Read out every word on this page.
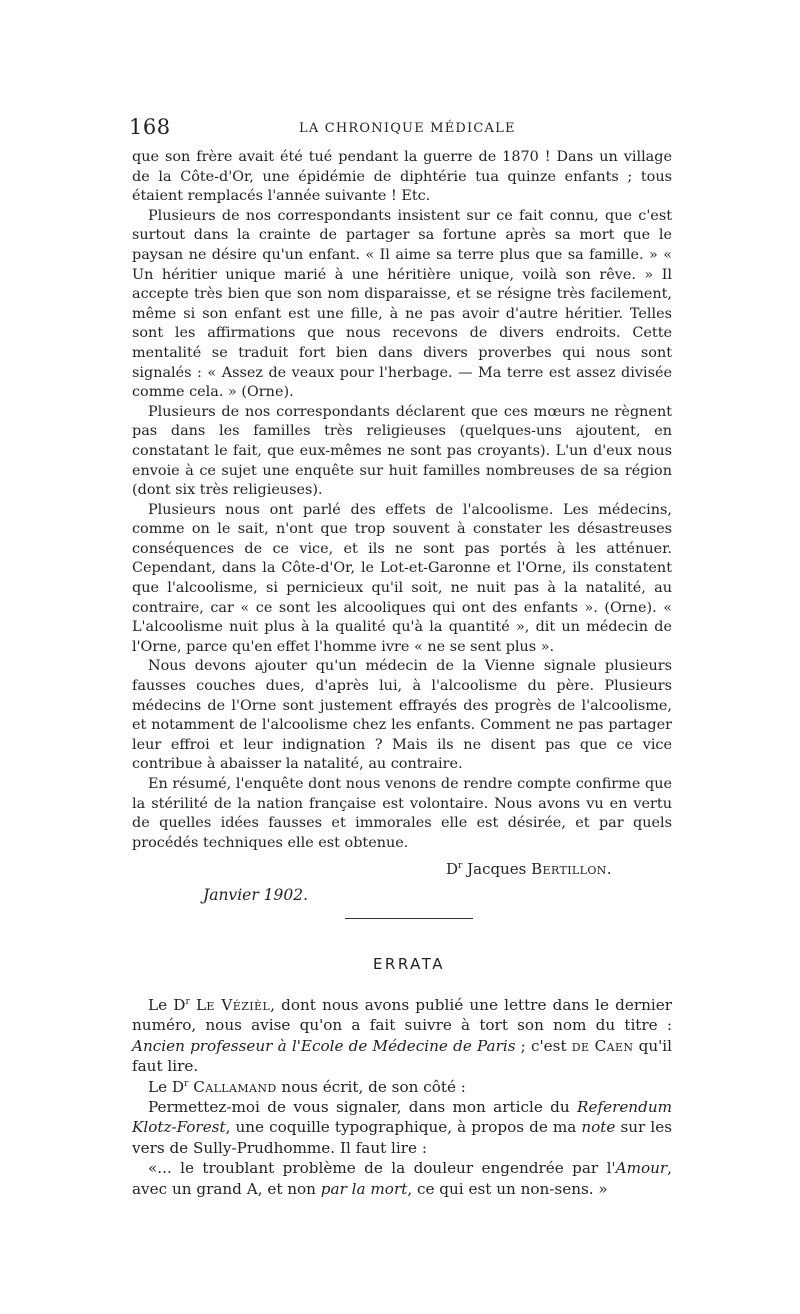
168	LA CHRONIQUE MÉDICALE

que son frère avait été tué pendant la guerre de 1870 ! Dans un village de la Côte-d'Or, une épidémie de diphtérie tua quinze enfants ; tous étaient remplacés l'année suivante ! Etc.

Plusieurs de nos correspondants insistent sur ce fait connu, que c'est surtout dans la crainte de partager sa fortune après sa mort que le paysan ne désire qu'un enfant. « Il aime sa terre plus que sa famille. » « Un héritier unique marié à une héritière unique, voilà son rêve. » Il accepte très bien que son nom disparaisse, et se résigne très facilement, même si son enfant est une fille, à ne pas avoir d'autre héritier. Telles sont les affirmations que nous recevons de divers endroits. Cette mentalité se traduit fort bien dans divers proverbes qui nous sont signalés : « Assez de veaux pour l'herbage. — Ma terre est assez divisée comme cela. » (Orne).

Plusieurs de nos correspondants déclarent que ces mœurs ne règnent pas dans les familles très religieuses (quelques-uns ajoutent, en constatant le fait, que eux-mêmes ne sont pas croyants). L'un d'eux nous envoie à ce sujet une enquête sur huit familles nombreuses de sa région (dont six très religieuses).

Plusieurs nous ont parlé des effets de l'alcoolisme. Les médecins, comme on le sait, n'ont que trop souvent à constater les désastreuses conséquences de ce vice, et ils ne sont pas portés à les atténuer. Cependant, dans la Côte-d'Or, le Lot-et-Garonne et l'Orne, ils constatent que l'alcoolisme, si pernicieux qu'il soit, ne nuit pas à la natalité, au contraire, car « ce sont les alcooliques qui ont des enfants ». (Orne). « L'alcoolisme nuit plus à la qualité qu'à la quantité », dit un médecin de l'Orne, parce qu'en effet l'homme ivre « ne se sent plus ».

Nous devons ajouter qu'un médecin de la Vienne signale plusieurs fausses couches dues, d'après lui, à l'alcoolisme du père. Plusieurs médecins de l'Orne sont justement effrayés des progrès de l'alcoolisme, et notamment de l'alcoolisme chez les enfants. Comment ne pas partager leur effroi et leur indignation ? Mais ils ne disent pas que ce vice contribue à abaisser la natalité, au contraire.

En résumé, l'enquête dont nous venons de rendre compte confirme que la stérilité de la nation française est volontaire. Nous avons vu en vertu de quelles idées fausses et immorales elle est désirée, et par quels procédés techniques elle est obtenue.

$D^r$ Jacques Bertillon.
Janvier 1902.
ERRATA

Le $D^r$ Le Vézièl, dont nous avons publié une lettre dans le dernier numéro, nous avise qu'on a fait suivre à tort son nom du titre : Ancien professeur à l'Ecole de Médecine de Paris ; c'est de Caen qu'il faut lire.

Le $D^r$ Callamand nous écrit, de son côté :

Permettez-moi de vous signaler, dans mon article du Referendum Klotz-Forest, une coquille typographique, à propos de ma note sur les vers de Sully-Prudhomme. Il faut lire :

«... le troublant problème de la douleur engendrée par l'Amour, avec un grand A, et non par la mort, ce qui est un non-sens. »
